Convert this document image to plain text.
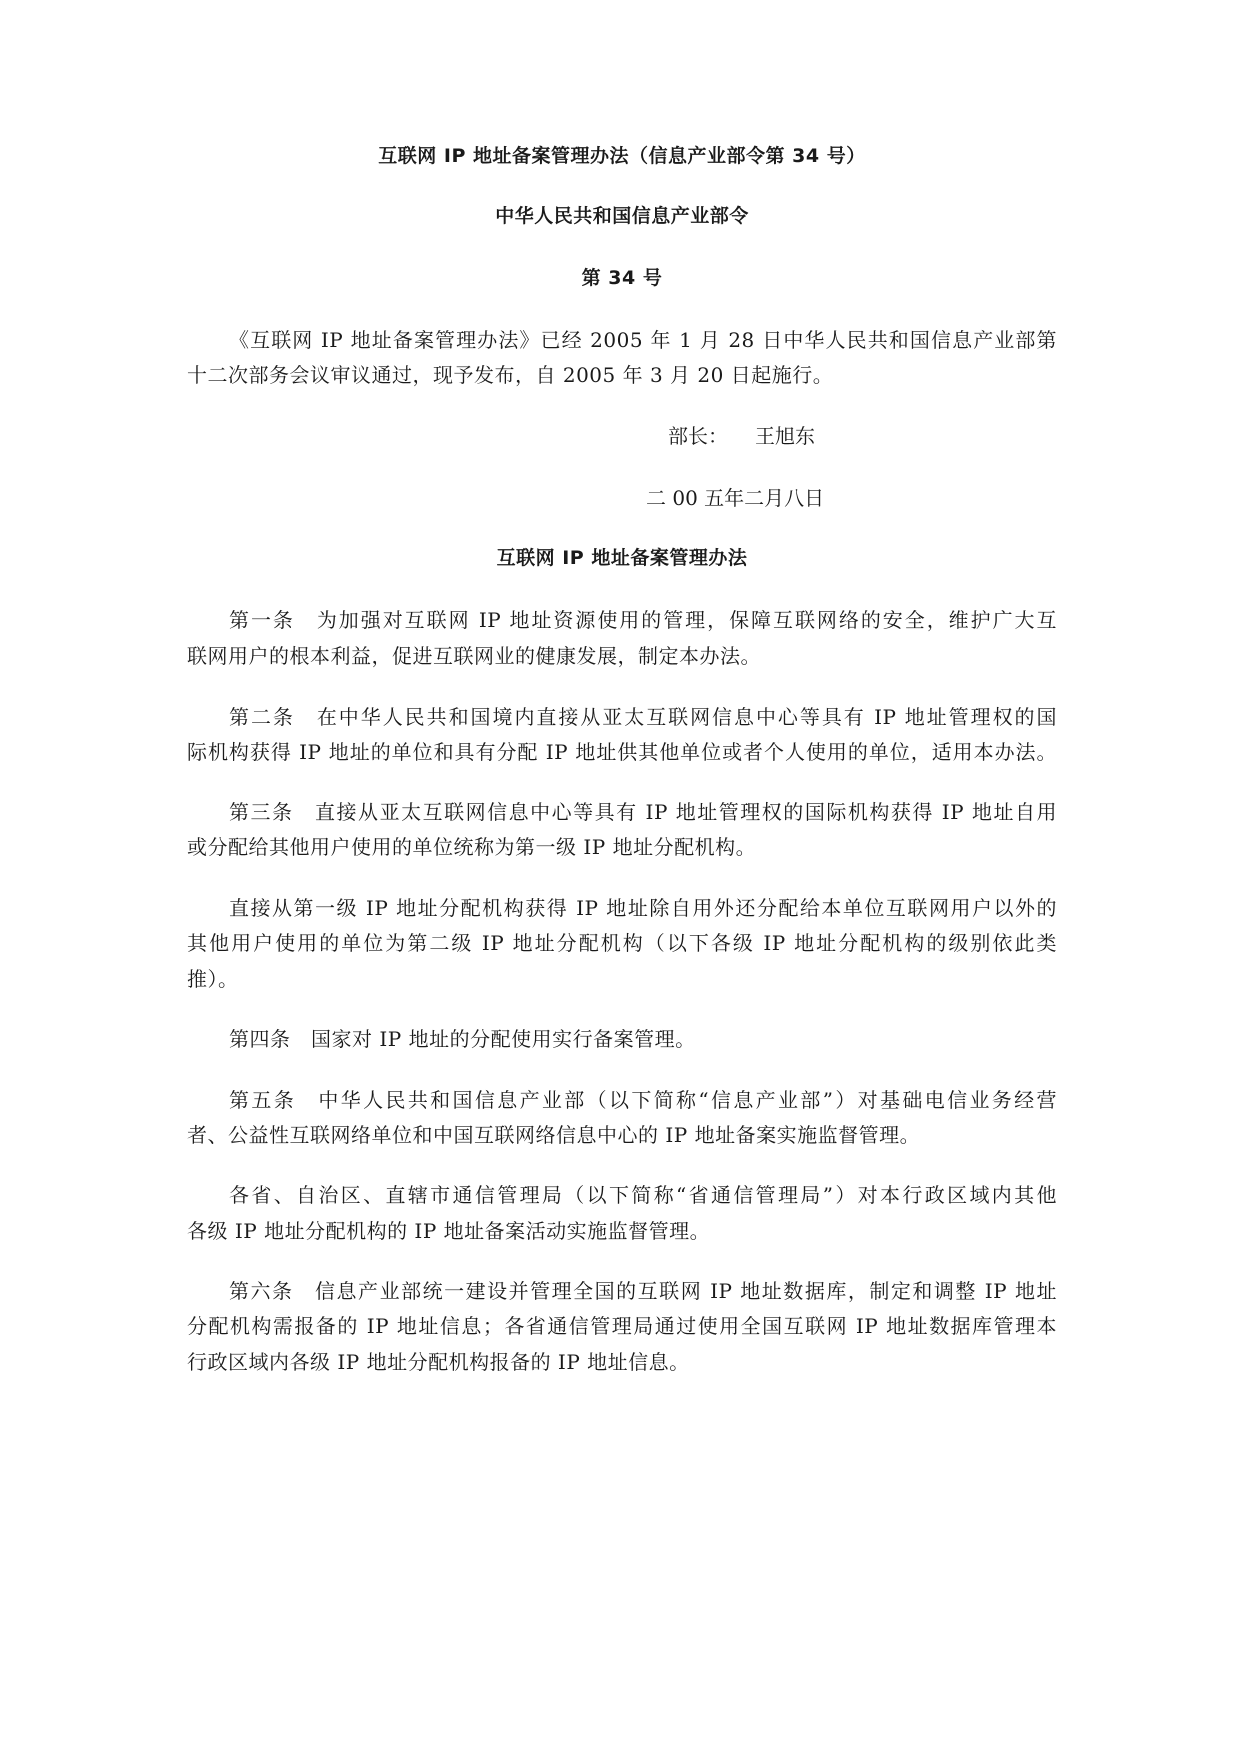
互联网 IP 地址备案管理办法（信息产业部令第 34 号）
中华人民共和国信息产业部令
第 34 号
《互联网 IP 地址备案管理办法》已经 2005 年 1 月 28 日中华人民共和国信息产业部第
十二次部务会议审议通过，现予发布，自 2005 年 3 月 20 日起施行。
部长： 王旭东
二 00 五年二月八日
互联网 IP 地址备案管理办法
第一条　为加强对互联网 IP 地址资源使用的管理，保障互联网络的安全，维护广大互
联网用户的根本利益，促进互联网业的健康发展，制定本办法。
第二条　在中华人民共和国境内直接从亚太互联网信息中心等具有 IP 地址管理权的国
际机构获得 IP 地址的单位和具有分配 IP 地址供其他单位或者个人使用的单位，适用本办法。
第三条　直接从亚太互联网信息中心等具有 IP 地址管理权的国际机构获得 IP 地址自用
或分配给其他用户使用的单位统称为第一级 IP 地址分配机构。
直接从第一级 IP 地址分配机构获得 IP 地址除自用外还分配给本单位互联网用户以外的
其他用户使用的单位为第二级 IP 地址分配机构（以下各级 IP 地址分配机构的级别依此类
推）。
第四条　国家对 IP 地址的分配使用实行备案管理。
第五条　中华人民共和国信息产业部（以下简称“信息产业部”）对基础电信业务经营
者、公益性互联网络单位和中国互联网络信息中心的 IP 地址备案实施监督管理。
各省、自治区、直辖市通信管理局（以下简称“省通信管理局”）对本行政区域内其他
各级 IP 地址分配机构的 IP 地址备案活动实施监督管理。
第六条　信息产业部统一建设并管理全国的互联网 IP 地址数据库，制定和调整 IP 地址
分配机构需报备的 IP 地址信息；各省通信管理局通过使用全国互联网 IP 地址数据库管理本
行政区域内各级 IP 地址分配机构报备的 IP 地址信息。
